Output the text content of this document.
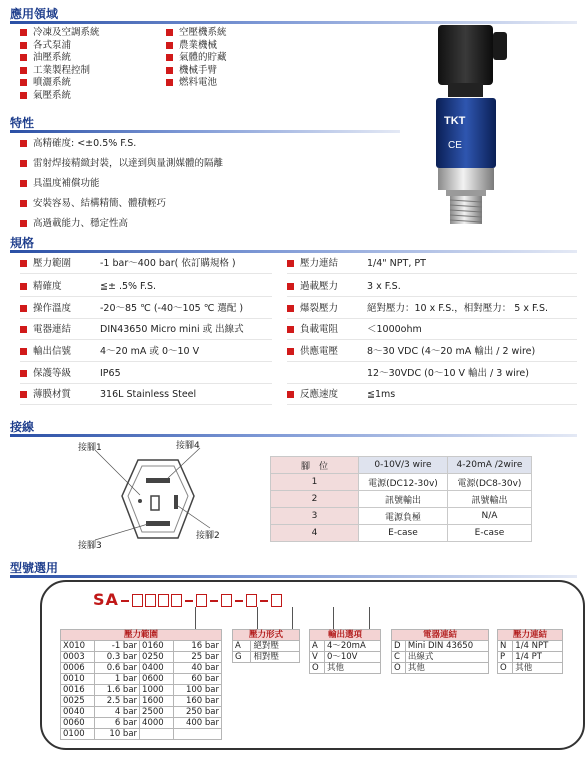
應用領域
冷凍及空調系統
各式泵浦
油壓系統
工業製程控制
噴灑系統
氣壓系統
空壓機系統
農業機械
氣體的貯藏
機械手臂
燃料電池
TKT
CE
特性
高精確度: <±0.5% F.S.
雷射焊接精緻封裝，以達到與量測媒體的隔離
具溫度補償功能
安裝容易、結構精簡、體積輕巧
高過載能力、穩定性高
規格
壓力範圍	-1 bar～400 bar( 依訂購規格 )
精確度	≦± .5% F.S.
操作溫度	-20～85 ℃ (-40～105 ℃ 選配 )
電器連結	DIN43650 Micro mini 或 出線式
輸出信號	4～20 mA 或 0～10 V
保護等級	IP65
薄膜材質	316L Stainless Steel
壓力連結	1/4" NPT, PT
過載壓力	3 x F.S.
爆裂壓力	絕對壓力：10 x F.S.，相對壓力： 5 x F.S.
負載電阻	＜1000ohm
供應電壓	8～30 VDC (4～20 mA 輸出 / 2 wire)
12～30VDC (0～10 V 輸出 / 3 wire)
反應速度	≦1ms
接線
接腳1	接腳4
接腳2
接腳3
腳　位	0-10V/3 wire	4-20mA /2wire
1	電源(DC12-30v)	電源(DC8-30v)
2	訊號輸出	訊號輸出
3	電源負極	N/A
4	E-case	E-case
型號選用
SA
壓力範圍			
X010	-1 bar	0160	16 bar
0003	0.3 bar	0250	25 bar
0006	0.6 bar	0400	40 bar
0010	1 bar	0600	60 bar
0016	1.6 bar	1000	100 bar
0025	2.5 bar	1600	160 bar
0040	4 bar	2500	250 bar
0060	6 bar	4000	400 bar
0100	10 bar		
壓力形式	
A	絕對壓
G	相對壓
輸出選項	
A	4～20mA
V	0～10V
O	其他
電器連結	
D	Mini DIN 43650
C	出線式
O	其他
壓力連結	
N	1/4 NPT
P	1/4 PT
O	其他
